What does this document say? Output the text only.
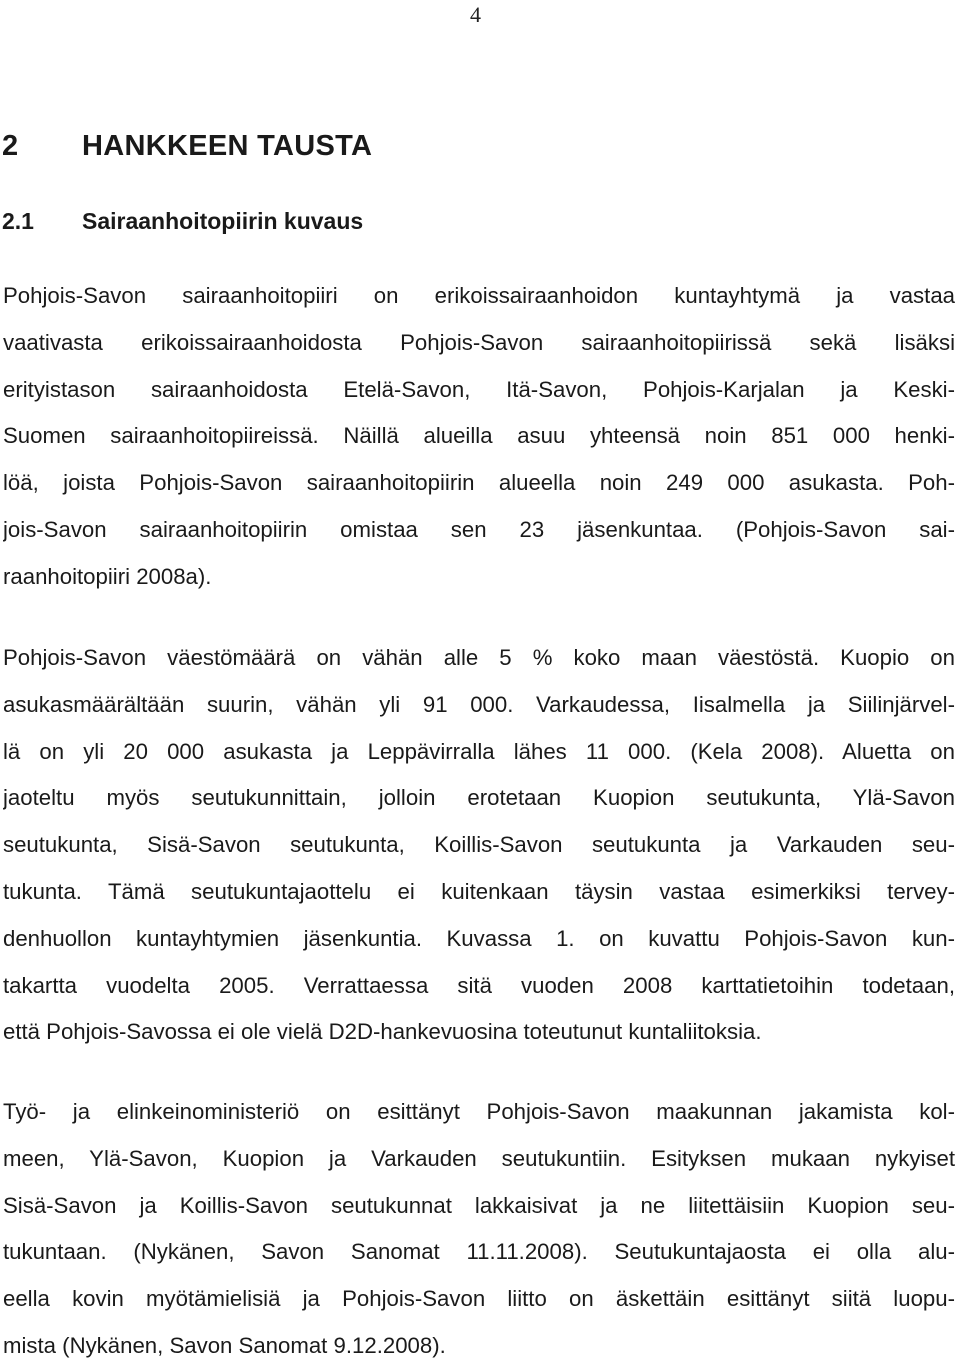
4
2 HANKKEEN TAUSTA
2.1 Sairaanhoitopiirin kuvaus
Pohjois-Savon sairaanhoitopiiri on erikoissairaanhoidon kuntayhtymä ja vastaa
vaativasta erikoissairaanhoidosta Pohjois-Savon sairaanhoitopiirissä sekä lisäksi
erityistason sairaanhoidosta Etelä-Savon, Itä-Savon, Pohjois-Karjalan ja Keski-
Suomen sairaanhoitopiireissä. Näillä alueilla asuu yhteensä noin 851 000 henki-
löä, joista Pohjois-Savon sairaanhoitopiirin alueella noin 249 000 asukasta. Poh-
jois-Savon sairaanhoitopiirin omistaa sen 23 jäsenkuntaa. (Pohjois-Savon sai-
raanhoitopiiri 2008a).
Pohjois-Savon väestömäärä on vähän alle 5 % koko maan väestöstä. Kuopio on
asukasmäärältään suurin, vähän yli 91 000. Varkaudessa, Iisalmella ja Siilinjärvel-
lä on yli 20 000 asukasta ja Leppävirralla lähes 11 000. (Kela 2008). Aluetta on
jaoteltu myös seutukunnittain, jolloin erotetaan Kuopion seutukunta, Ylä-Savon
seutukunta, Sisä-Savon seutukunta, Koillis-Savon seutukunta ja Varkauden seu-
tukunta. Tämä seutukuntajaottelu ei kuitenkaan täysin vastaa esimerkiksi tervey-
denhuollon kuntayhtymien jäsenkuntia. Kuvassa 1. on kuvattu Pohjois-Savon kun-
takartta vuodelta 2005. Verrattaessa sitä vuoden 2008 karttatietoihin todetaan,
että Pohjois-Savossa ei ole vielä D2D-hankevuosina toteutunut kuntaliitoksia.
Työ- ja elinkeinoministeriö on esittänyt Pohjois-Savon maakunnan jakamista kol-
meen, Ylä-Savon, Kuopion ja Varkauden seutukuntiin. Esityksen mukaan nykyiset
Sisä-Savon ja Koillis-Savon seutukunnat lakkaisivat ja ne liitettäisiin Kuopion seu-
tukuntaan. (Nykänen, Savon Sanomat 11.11.2008). Seutukuntajaosta ei olla alu-
eella kovin myötämielisiä ja Pohjois-Savon liitto on äskettäin esittänyt siitä luopu-
mista (Nykänen, Savon Sanomat 9.12.2008).
